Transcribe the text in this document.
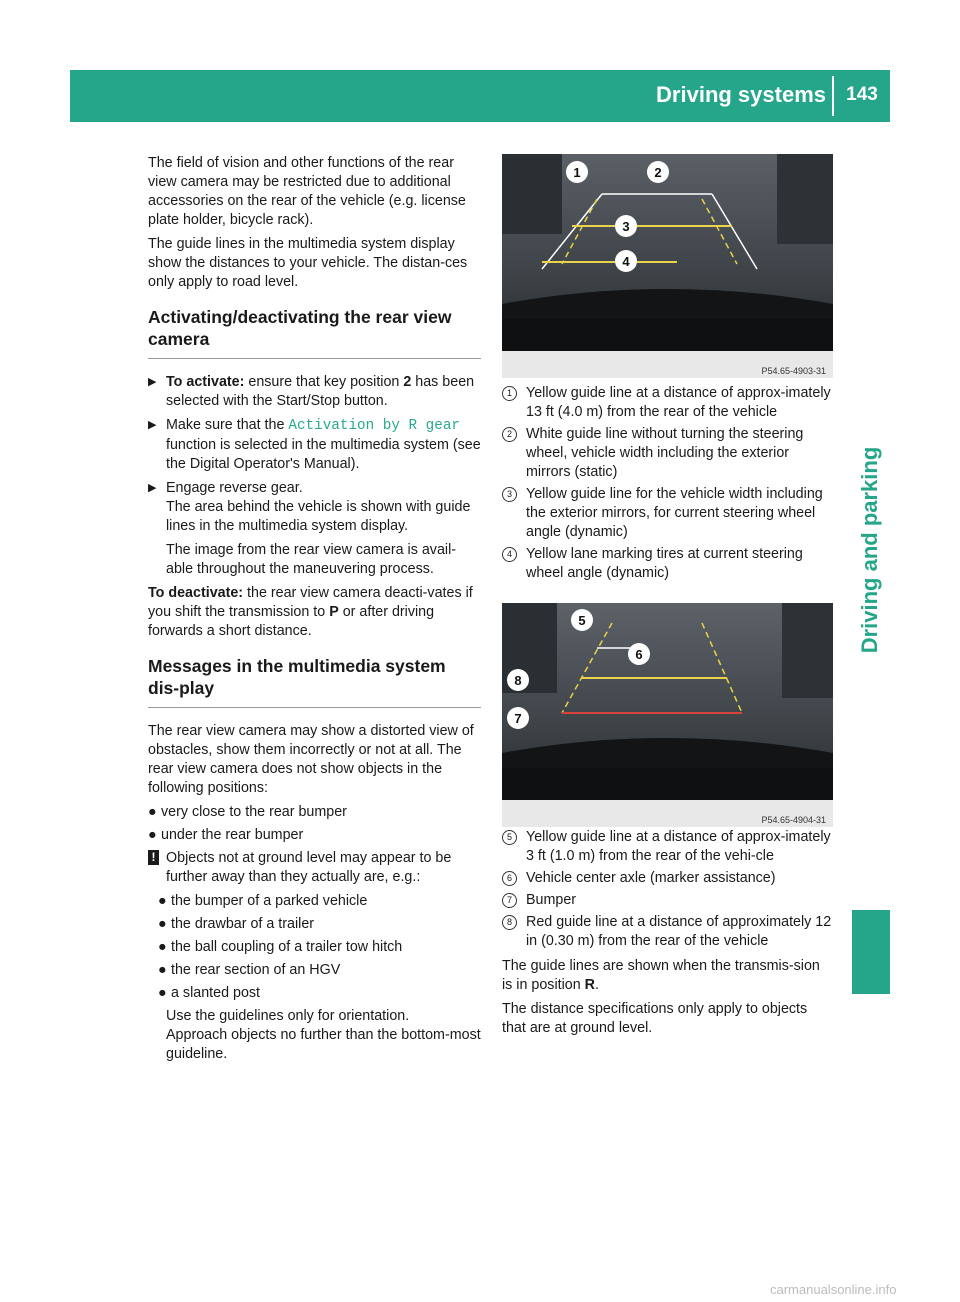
Driving systems	143
Driving and parking

The field of vision and other functions of the rear view camera may be restricted due to additional accessories on the rear of the vehicle (e.g. license plate holder, bicycle rack).

The guide lines in the multimedia system display show the distances to your vehicle. The distan-ces only apply to road level.

Activating/deactivating the rear view camera
▶ To activate: ensure that key position 2 has been selected with the Start/Stop button.
▶ Make sure that the Activation by R gear function is selected in the multimedia system (see the Digital Operator's Manual).
▶ Engage reverse gear.
The area behind the vehicle is shown with guide lines in the multimedia system display.
The image from the rear view camera is avail-able throughout the maneuvering process.

To deactivate: the rear view camera deacti-vates if you shift the transmission to P or after driving forwards a short distance.

Messages in the multimedia system dis-play

The rear view camera may show a distorted view of obstacles, show them incorrectly or not at all. The rear view camera does not show objects in the following positions:

● very close to the rear bumper
● under the rear bumper
! Objects not at ground level may appear to be further away than they actually are, e.g.:
● the bumper of a parked vehicle
● the drawbar of a trailer
● the ball coupling of a trailer tow hitch
● the rear section of an HGV
● a slanted post
Use the guidelines only for orientation.
Approach objects no further than the bottom-most guideline.
1	2
3
4
P54.65-4903-31
1 Yellow guide line at a distance of approx-imately 13 ft (4.0 m) from the rear of the vehicle
2 White guide line without turning the steering wheel, vehicle width including the exterior mirrors (static)
3 Yellow guide line for the vehicle width including the exterior mirrors, for current steering wheel angle (dynamic)
4 Yellow lane marking tires at current steering wheel angle (dynamic)
5 Yellow guide line at a distance of approx-imately 3 ft (1.0 m) from the rear of the vehi-cle
6 Vehicle center axle (marker assistance)
7 Bumper
8 Red guide line at a distance of approximately 12 in (0.30 m) from the rear of the vehicle

The guide lines are shown when the transmis-sion is in position R.

The distance specifications only apply to objects that are at ground level.

5
6
8
7
P54.65-4904-31
carmanualsonline.info
